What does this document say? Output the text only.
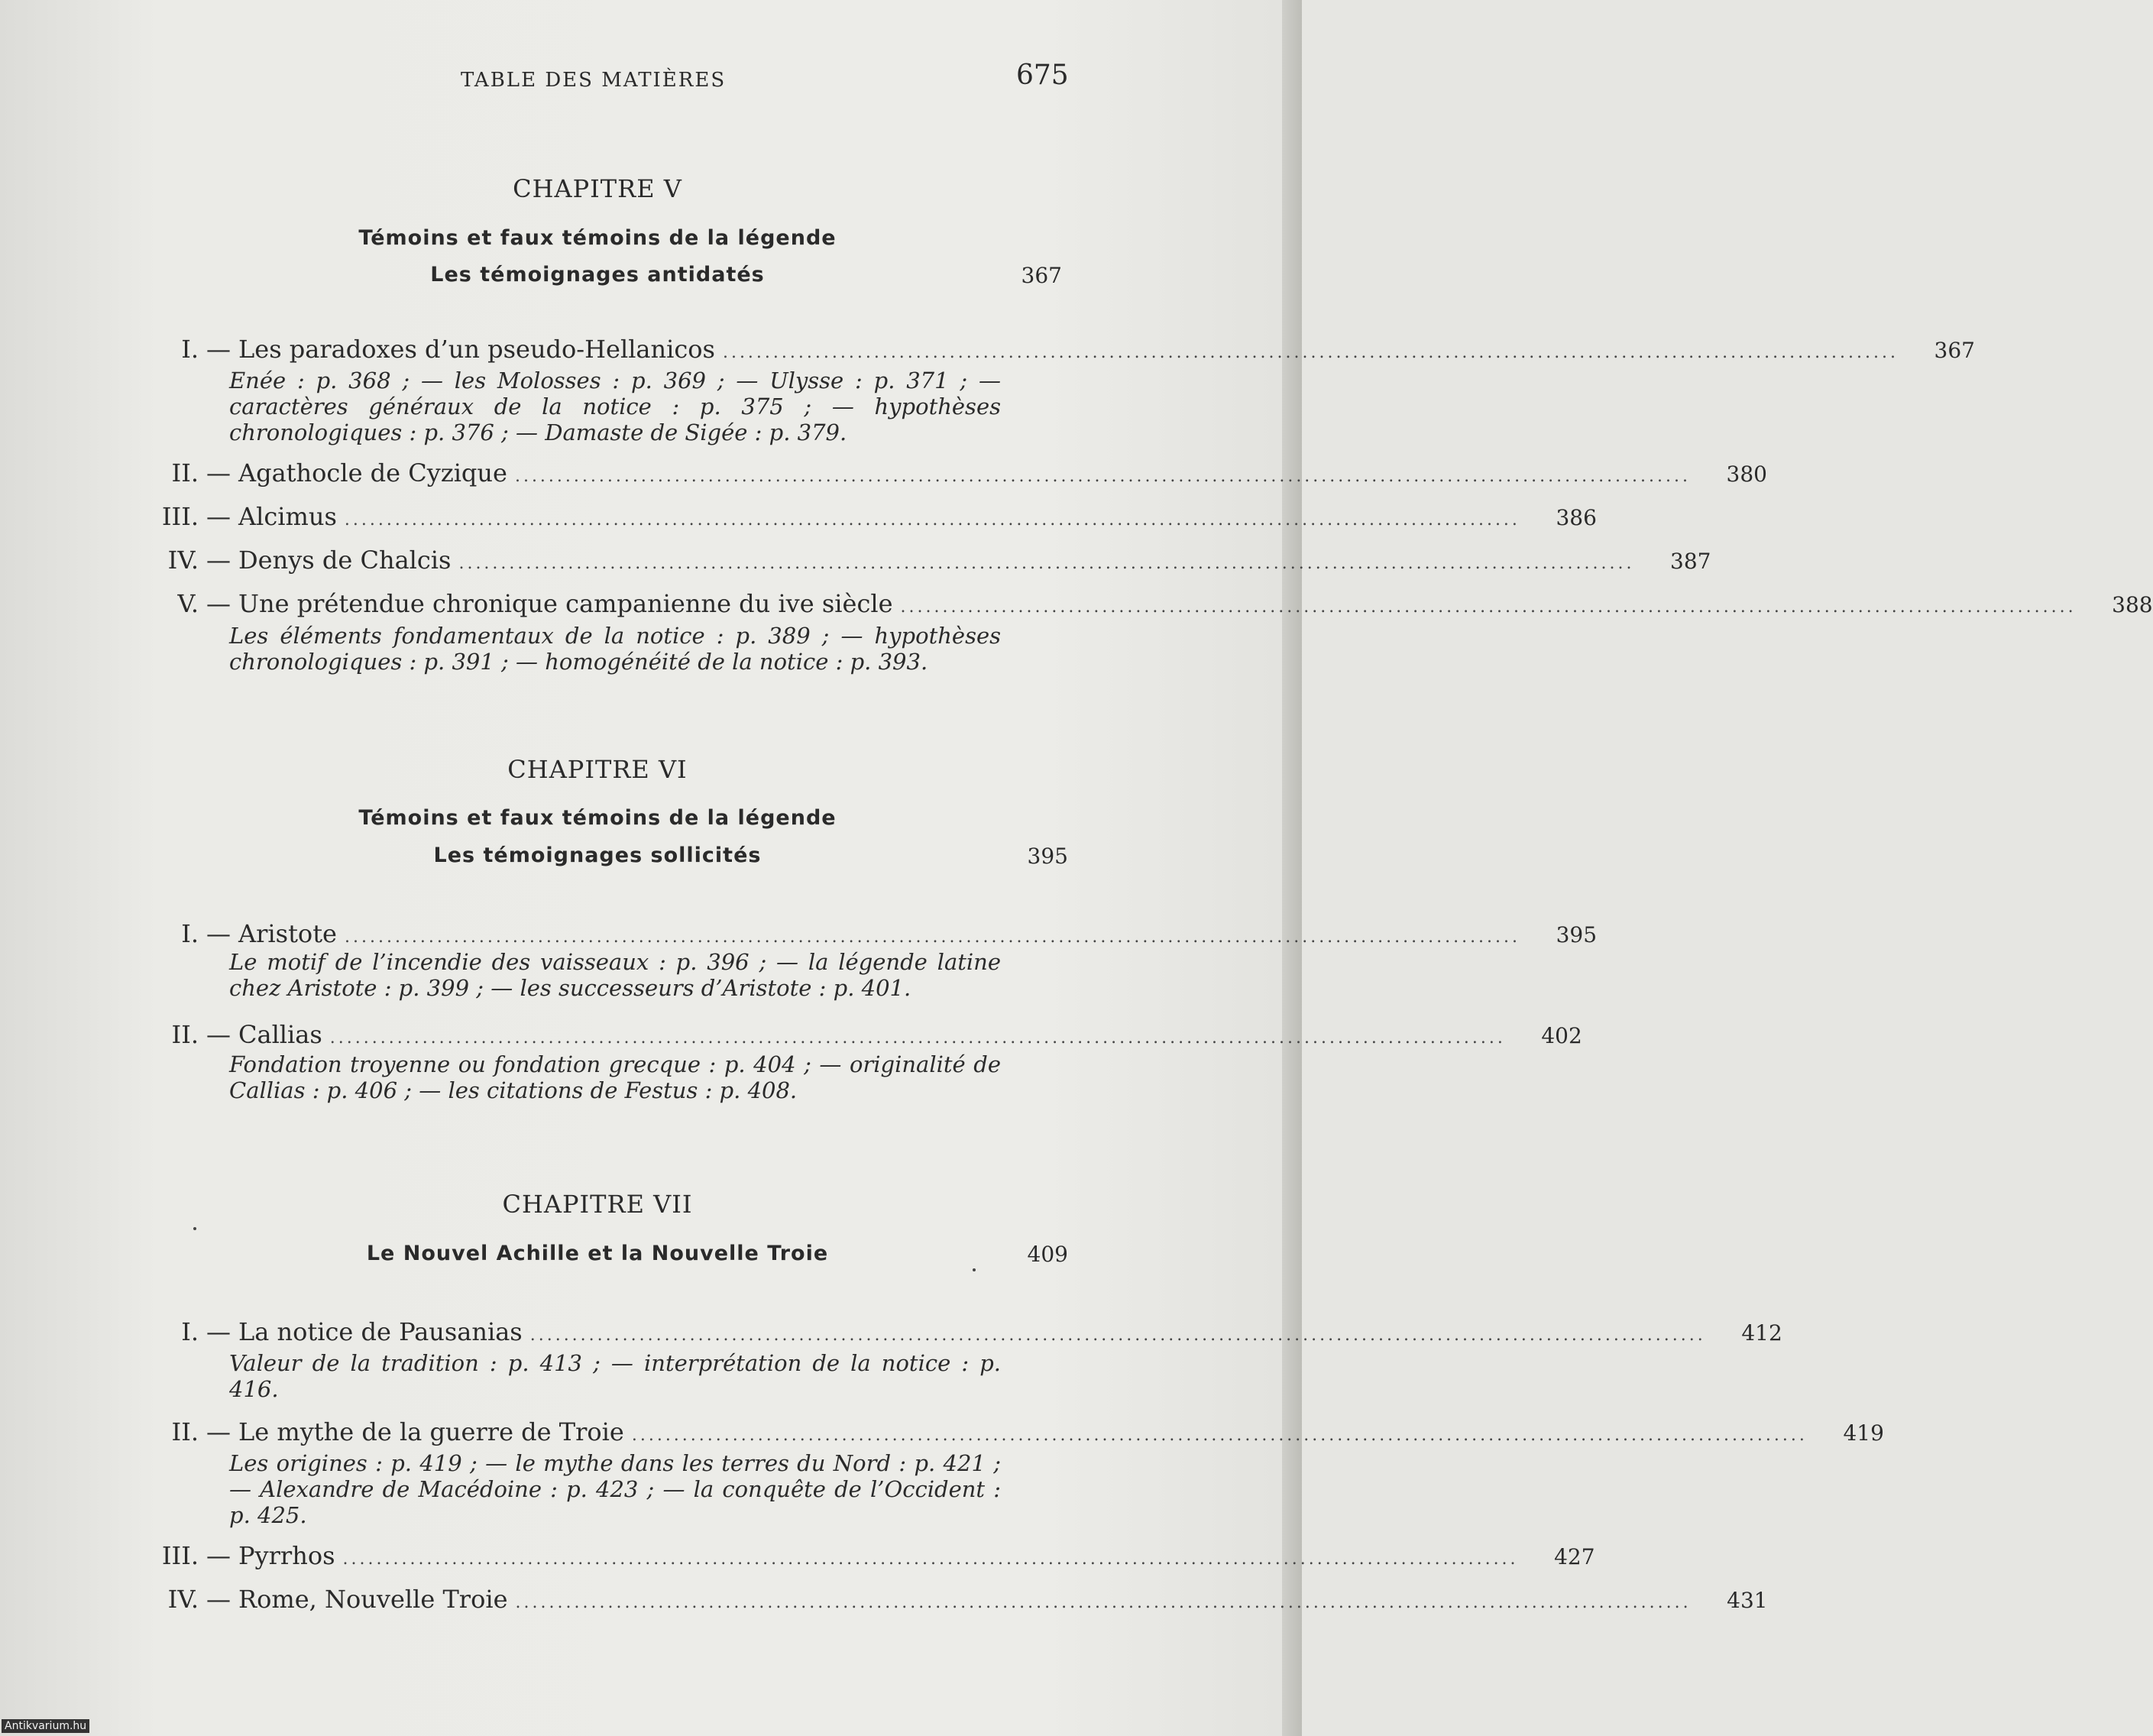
TABLE DES MATIÈRES	675
CHAPITRE V
Témoins et faux témoins de la légende
Les témoignages antidatés	367
I. — Les paradoxes d’un pseudo-Hellanicos ............................................................................................................................................	367
Enée : p. 368 ; — les Molosses : p. 369 ; — Ulysse : p. 371 ; — caractères généraux de la notice : p. 375 ; — hypothèses chronologiques : p. 376 ; — Damaste de Sigée : p. 379.
II. — Agathocle de Cyzique ............................................................................................................................................	380
III. — Alcimus ............................................................................................................................................	386
IV. — Denys de Chalcis ............................................................................................................................................	387
V. — Une prétendue chronique campanienne du ive siècle ............................................................................................................................................	388
Les éléments fondamentaux de la notice : p. 389 ; — hypothèses chronologiques : p. 391 ; — homogénéité de la notice : p. 393.
CHAPITRE VI
Témoins et faux témoins de la légende
Les témoignages sollicités	395
I. — Aristote ............................................................................................................................................	395
Le motif de l’incendie des vaisseaux : p. 396 ; — la légende latine chez Aristote : p. 399 ; — les successeurs d’Aristote : p. 401.
II. — Callias ............................................................................................................................................	402
Fondation troyenne ou fondation grecque : p. 404 ; — originalité de Callias : p. 406 ; — les citations de Festus : p. 408.
CHAPITRE VII
Le Nouvel Achille et la Nouvelle Troie	409
I. — La notice de Pausanias ............................................................................................................................................	412
Valeur de la tradition : p. 413 ; — interprétation de la notice : p. 416.
II. — Le mythe de la guerre de Troie ............................................................................................................................................	419
Les origines : p. 419 ; — le mythe dans les terres du Nord : p. 421 ; — Alexandre de Macédoine : p. 423 ; — la conquête de l’Occident : p. 425.
III. — Pyrrhos ............................................................................................................................................	427
IV. — Rome, Nouvelle Troie ............................................................................................................................................	431
Antikvarium.hu
